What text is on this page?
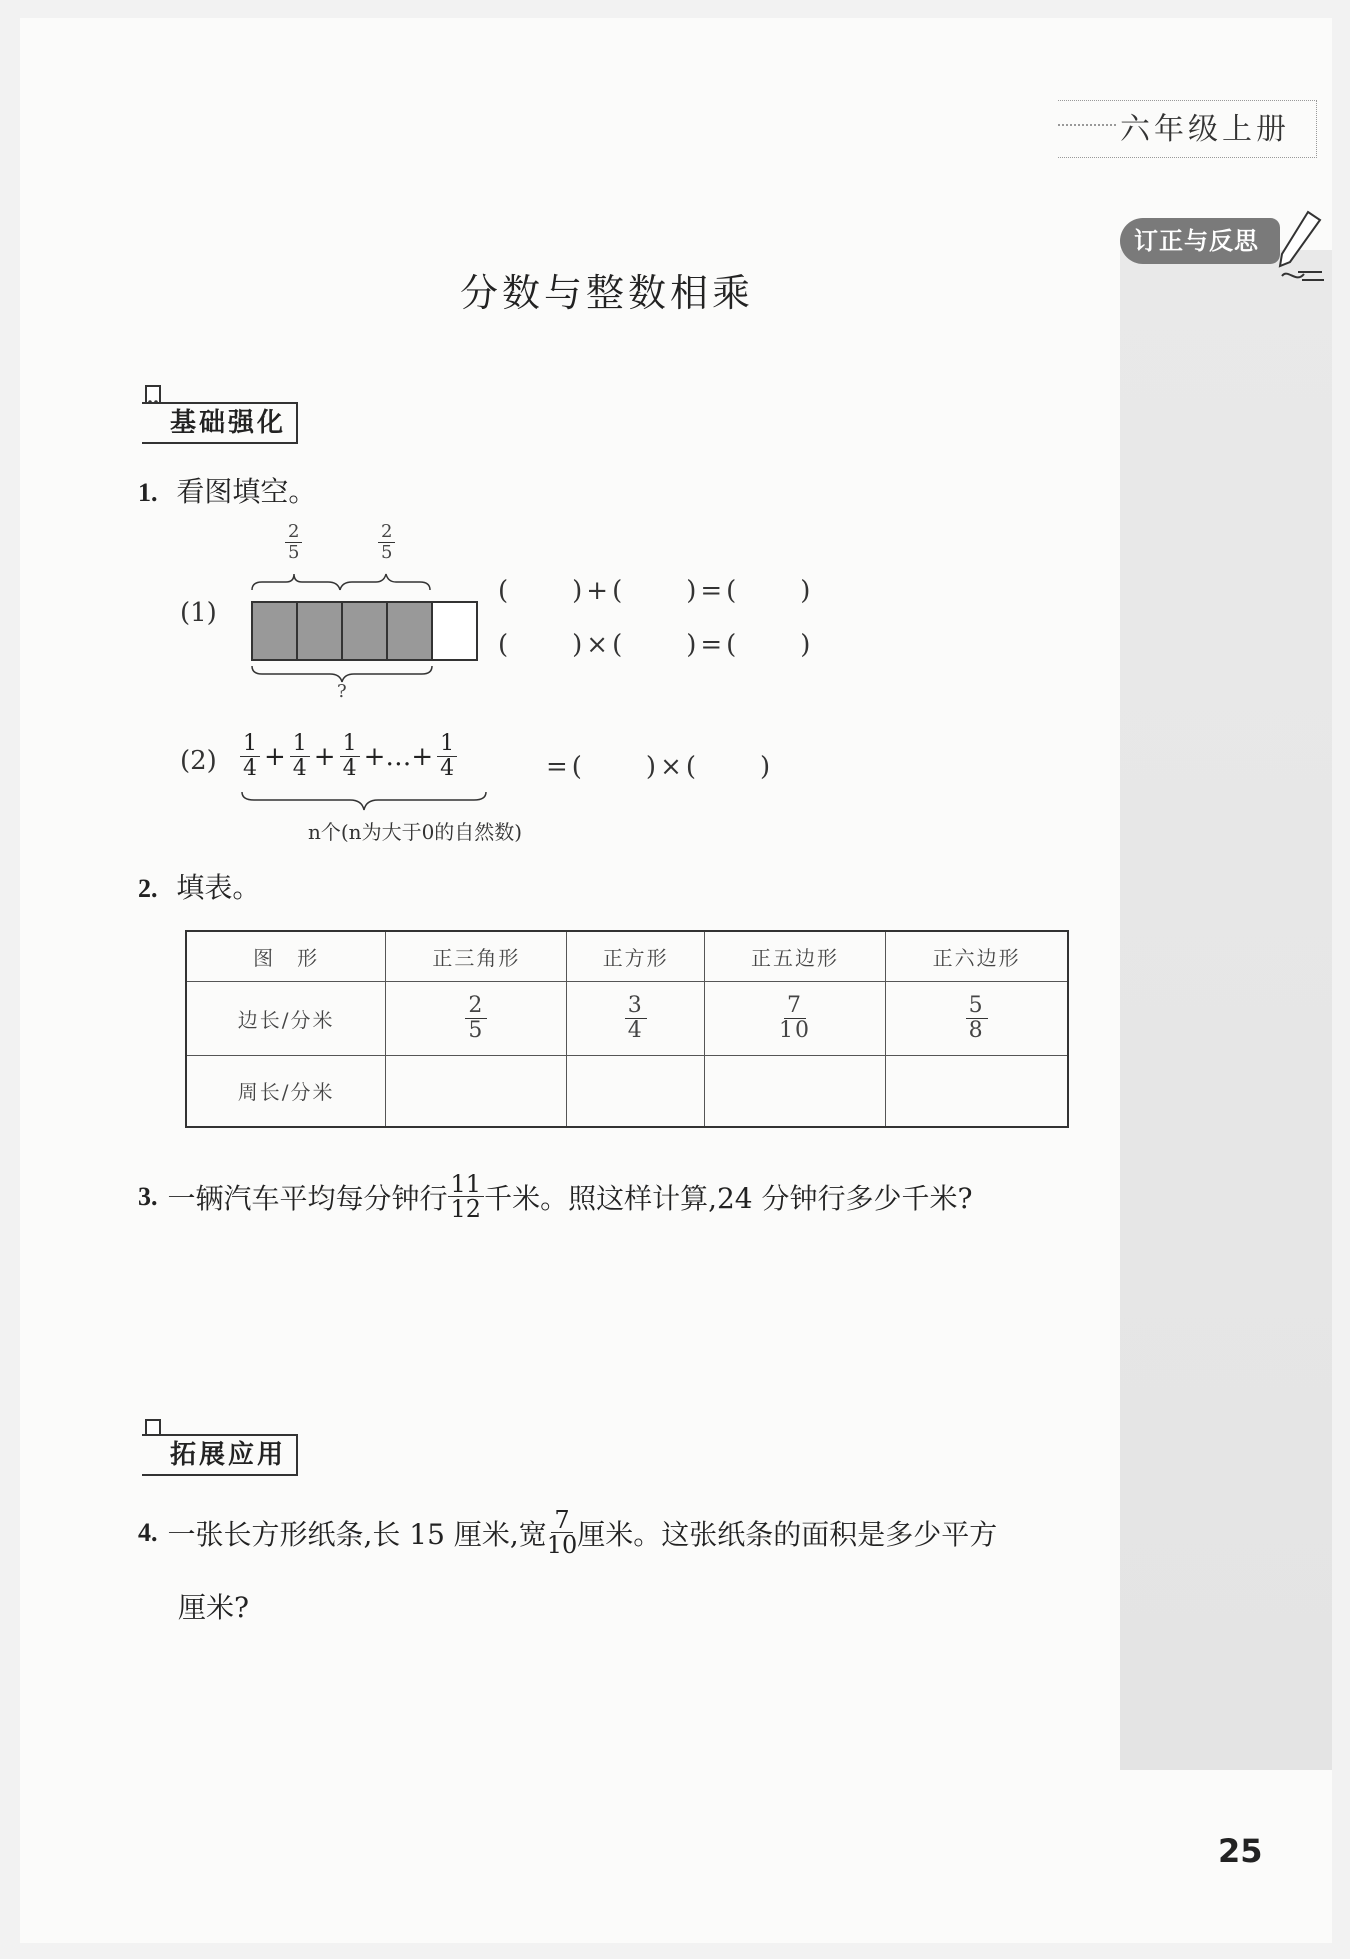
六年级上册
订正与反思
分数与整数相乘
基础强化
1. 看图填空。
(1)
$\frac{2}{5}$	$\frac{2}{5}$
?
(　　)+(　　)=(　　)
(　　)×(　　)=(　　)
$(2) \frac{1}{4} + \frac{1}{4} + \frac{1}{4}$ +…+ $\frac{1}{4}$	=(　　)×(　　)
n个(n为大于0的自然数)
2. 填表。
图　形	正三角形	正方形	正五边形	正六边形
边长/分米	$\frac{2}{5}$	$\frac{3}{4}$	$\frac{7}{10}$	$\frac{5}{8}$

周长/分米				
3. 一辆汽车平均每分钟行 $\frac{11}{12}$ 千米。照这样计算,24 分钟行多少千米?
拓展应用
4. 一张长方形纸条,长 15 厘米,宽 $\frac{7}{10}$ 厘米。这张纸条的面积是多少平方
厘米?
25
